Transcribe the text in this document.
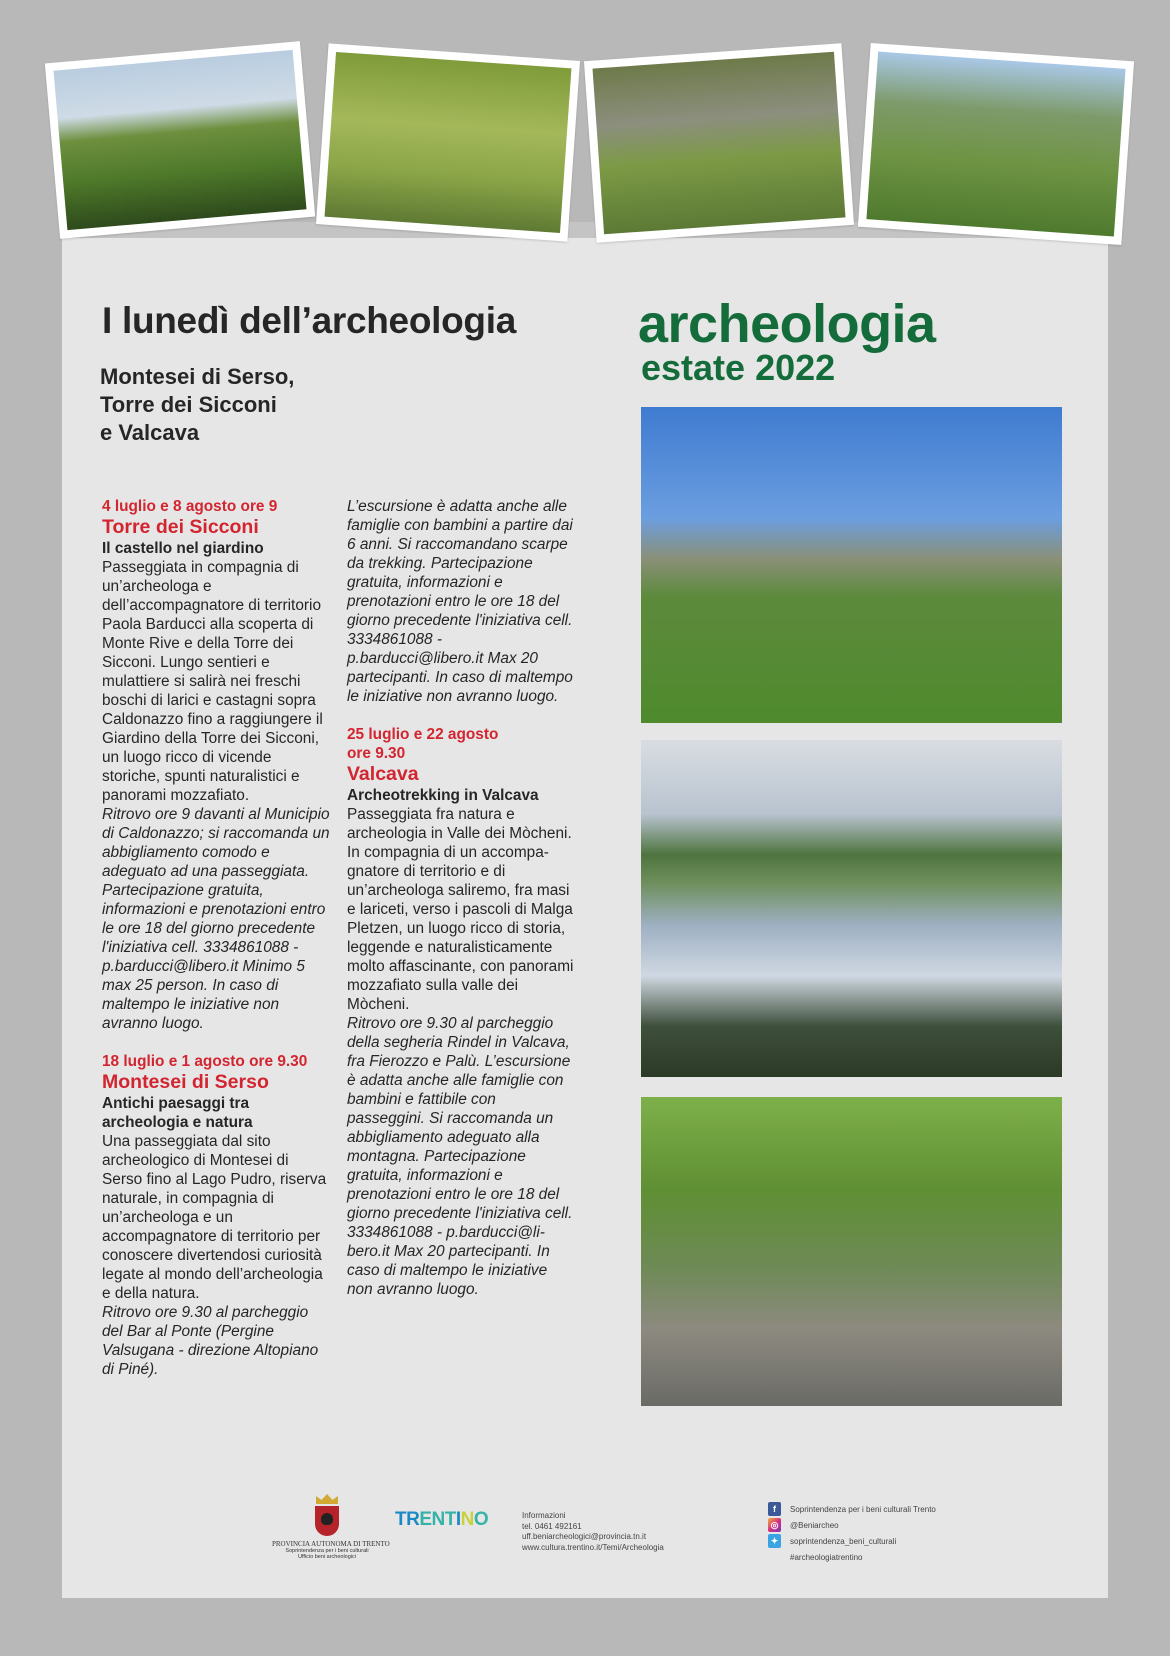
I lunedì dell’archeologia
Montesei di Serso,
Torre dei Sicconi
e Valcava
archeologia
estate 2022
4 luglio e 8 agosto ore 9
Torre dei Sicconi
Il castello nel giardino
Passeggiata in compagnia di un’archeologa e dell’accompagnatore di territorio Paola Barducci alla scoperta di Monte Rive e della Torre dei Sicconi. Lungo sentieri e mulattiere si salirà nei freschi boschi di larici e castagni sopra Caldonazzo fino a raggiungere il Giardino della Torre dei Sicconi, un luogo ricco di vicende storiche, spunti naturalistici e panorami mozzafiato.
Ritrovo ore 9 davanti al Municipio di Caldonazzo; si raccomanda un abbigliamento comodo e adeguato ad una passeggiata. Partecipazione gratuita, informazioni e prenotazioni entro le ore 18 del giorno precedente l'iniziativa cell. 3334861088 - p.barducci@libero.it Minimo 5 max 25 person. In caso di maltempo le iniziative non avranno luogo.
18 luglio e 1 agosto ore 9.30
Montesei di Serso
Antichi paesaggi tra archeologia e natura
Una passeggiata dal sito archeologico di Montesei di Serso fino al Lago Pudro, riserva naturale, in compagnia di un’archeologa e un accompagnatore di territorio per conoscere divertendosi curiosità legate al mondo dell’archeologia e della natura.
Ritrovo ore 9.30 al parcheggio del Bar al Ponte (Pergine Valsugana - direzione Altopiano di Piné).
L’escursione è adatta anche alle famiglie con bambini a partire dai 6 anni. Si raccomandano scarpe da trekking. Partecipazione gratuita, informazioni e prenotazioni entro le ore 18 del giorno precedente l'iniziativa cell. 3334861088 - p.barducci@libero.it Max 20 partecipanti. In caso di maltempo le iniziative non avranno luogo.
25 luglio e 22 agosto ore 9.30
Valcava
Archeotrekking in Valcava
Passeggiata fra natura e archeologia in Valle dei Mòcheni.
In compagnia di un accompa-gnatore di territorio e di un’archeologa saliremo, fra masi e lariceti, verso i pascoli di Malga Pletzen, un luogo ricco di storia, leggende e naturalisticamente molto affascinante, con panorami mozzafiato sulla valle dei Mòcheni.
Ritrovo ore 9.30 al parcheggio della segheria Rindel in Valcava, fra Fierozzo e Palù. L’escursione è adatta anche alle famiglie con bambini e fattibile con passeggini. Si raccomanda un abbigliamento adeguato alla montagna. Partecipazione gratuita, informazioni e prenotazioni entro le ore 18 del giorno precedente l'iniziativa cell. 3334861088 - p.barducci@li-bero.it Max 20 partecipanti. In caso di maltempo le iniziative non avranno luogo.
PROVINCIA AUTONOMA DI TRENTO
Soprintendenza per i beni culturali
Ufficio beni archeologici
TRENTINO	Informazioni
tel. 0461 492161
uff.beniarcheologici@provincia.tn.it
www.cultura.trentino.it/Temi/Archeologia
f	Soprintendenza per i beni culturali Trento
◎	@Beniarcheo
✦	soprintendenza_beni_culturali
#archeologiatrentino
